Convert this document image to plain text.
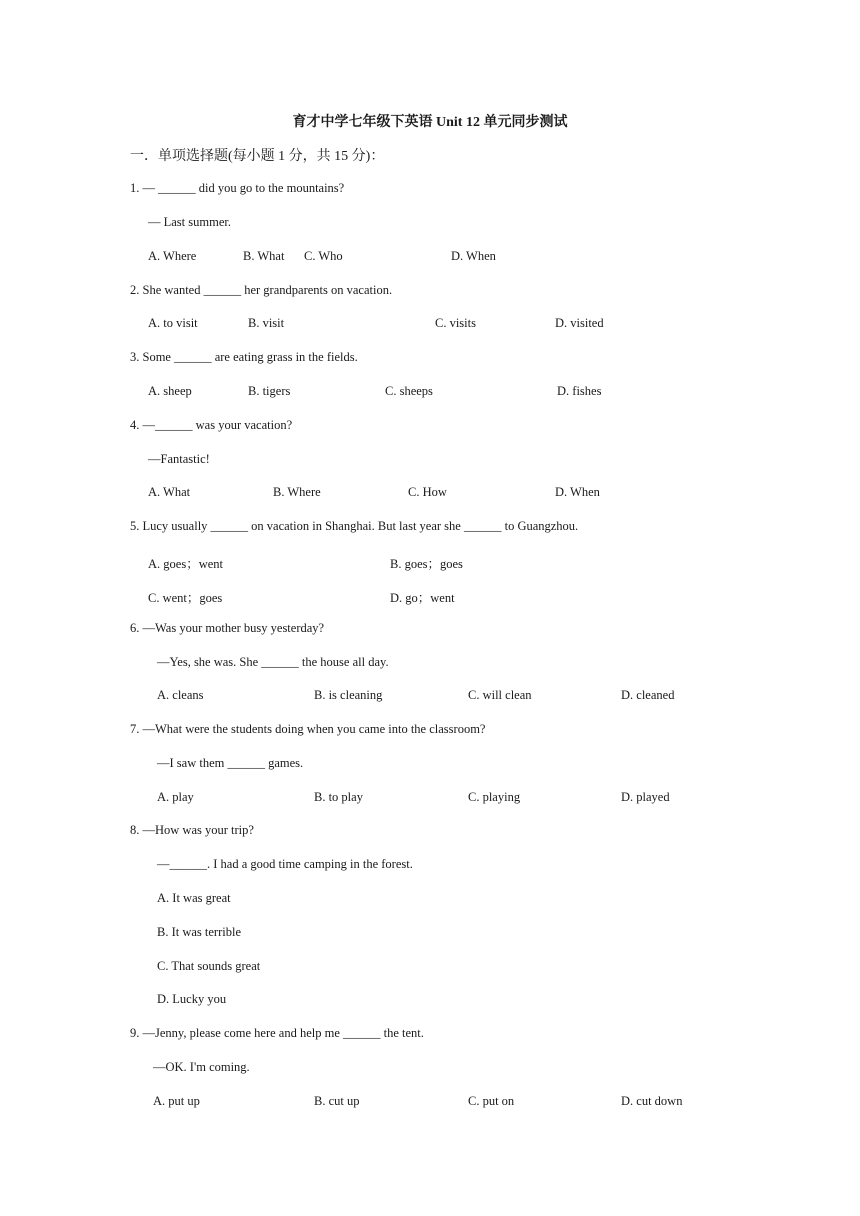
育才中学七年级下英语 Unit 12 单元同步测试
一．单项选择题(每小题 1 分，共 15 分)：
1. — ______ did you go to the mountains?
— Last summer.
A. Where	B. What C. Who	D. When
2. She wanted ______ her grandparents on vacation.
A. to visit	B. visit	C. visits	D. visited
3. Some ______ are eating grass in the fields.
A. sheep	B. tigers	C. sheeps	D. fishes
4. —______ was your vacation?
—Fantastic!
A. What	B. Where	C. How	D. When
5. Lucy usually ______ on vacation in Shanghai. But last year she ______ to Guangzhou.
A. goes；went	B. goes；goes
C. went；goes	D. go；went
6. —Was your mother busy yesterday?
—Yes, she was. She ______ the house all day.
A. cleans	B. is cleaning	C. will clean	D. cleaned
7. —What were the students doing when you came into the classroom?
—I saw them ______ games.
A. play	B. to play	C. playing	D. played
8. —How was your trip?
—______. I had a good time camping in the forest.
A. It was great
B. It was terrible
C. That sounds great
D. Lucky you
9. —Jenny, please come here and help me ______ the tent.
—OK. I'm coming.
A. put up	B. cut up	C. put on	D. cut down
